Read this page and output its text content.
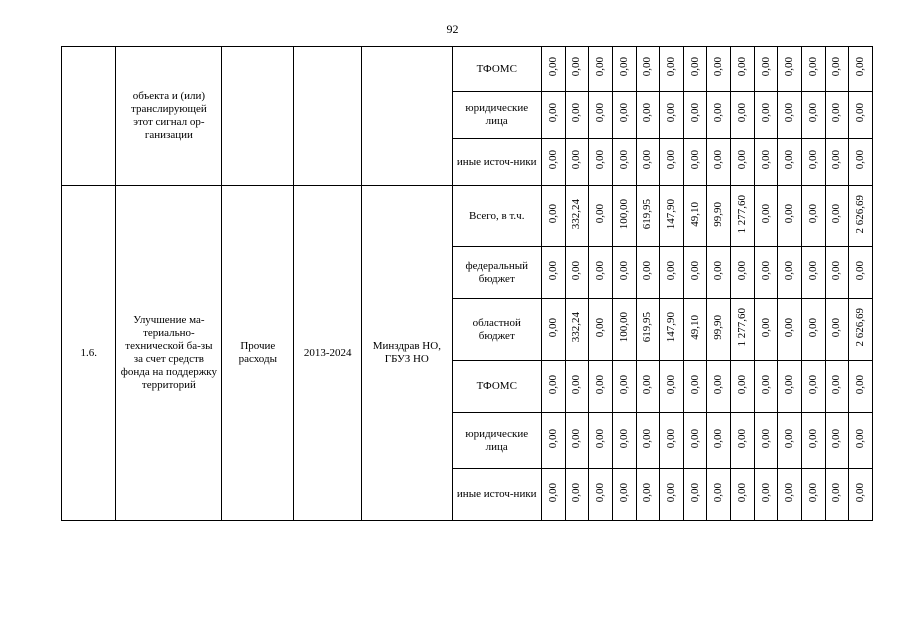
92

	объекта и (или) транслирующей этот сигнал ор-ганизации				ТФОМС	0,00	0,00	0,00	0,00	0,00	0,00	0,00	0,00	0,00	0,00	0,00	0,00	0,00	0,00

					юридические лица	0,00	0,00	0,00	0,00	0,00	0,00	0,00	0,00	0,00	0,00	0,00	0,00	0,00	0,00

					иные источ-ники	0,00	0,00	0,00	0,00	0,00	0,00	0,00	0,00	0,00	0,00	0,00	0,00	0,00	0,00

1.6.	Улучшение ма-териально-технической ба-зы за счет средств фонда на поддержку территорий	Прочие расходы	2013-2024	Минздрав НО, ГБУЗ НО	Всего, в т.ч.	0,00	332,24	0,00	100,00	619,95	147,90	49,10	99,90	1 277,60	0,00	0,00	0,00	0,00	2 626,69

					федеральный бюджет	0,00	0,00	0,00	0,00	0,00	0,00	0,00	0,00	0,00	0,00	0,00	0,00	0,00	0,00

					областной бюджет	0,00	332,24	0,00	100,00	619,95	147,90	49,10	99,90	1 277,60	0,00	0,00	0,00	0,00	2 626,69

					ТФОМС	0,00	0,00	0,00	0,00	0,00	0,00	0,00	0,00	0,00	0,00	0,00	0,00	0,00	0,00

					юридические лица	0,00	0,00	0,00	0,00	0,00	0,00	0,00	0,00	0,00	0,00	0,00	0,00	0,00	0,00

					иные источ-ники	0,00	0,00	0,00	0,00	0,00	0,00	0,00	0,00	0,00	0,00	0,00	0,00	0,00	0,00
